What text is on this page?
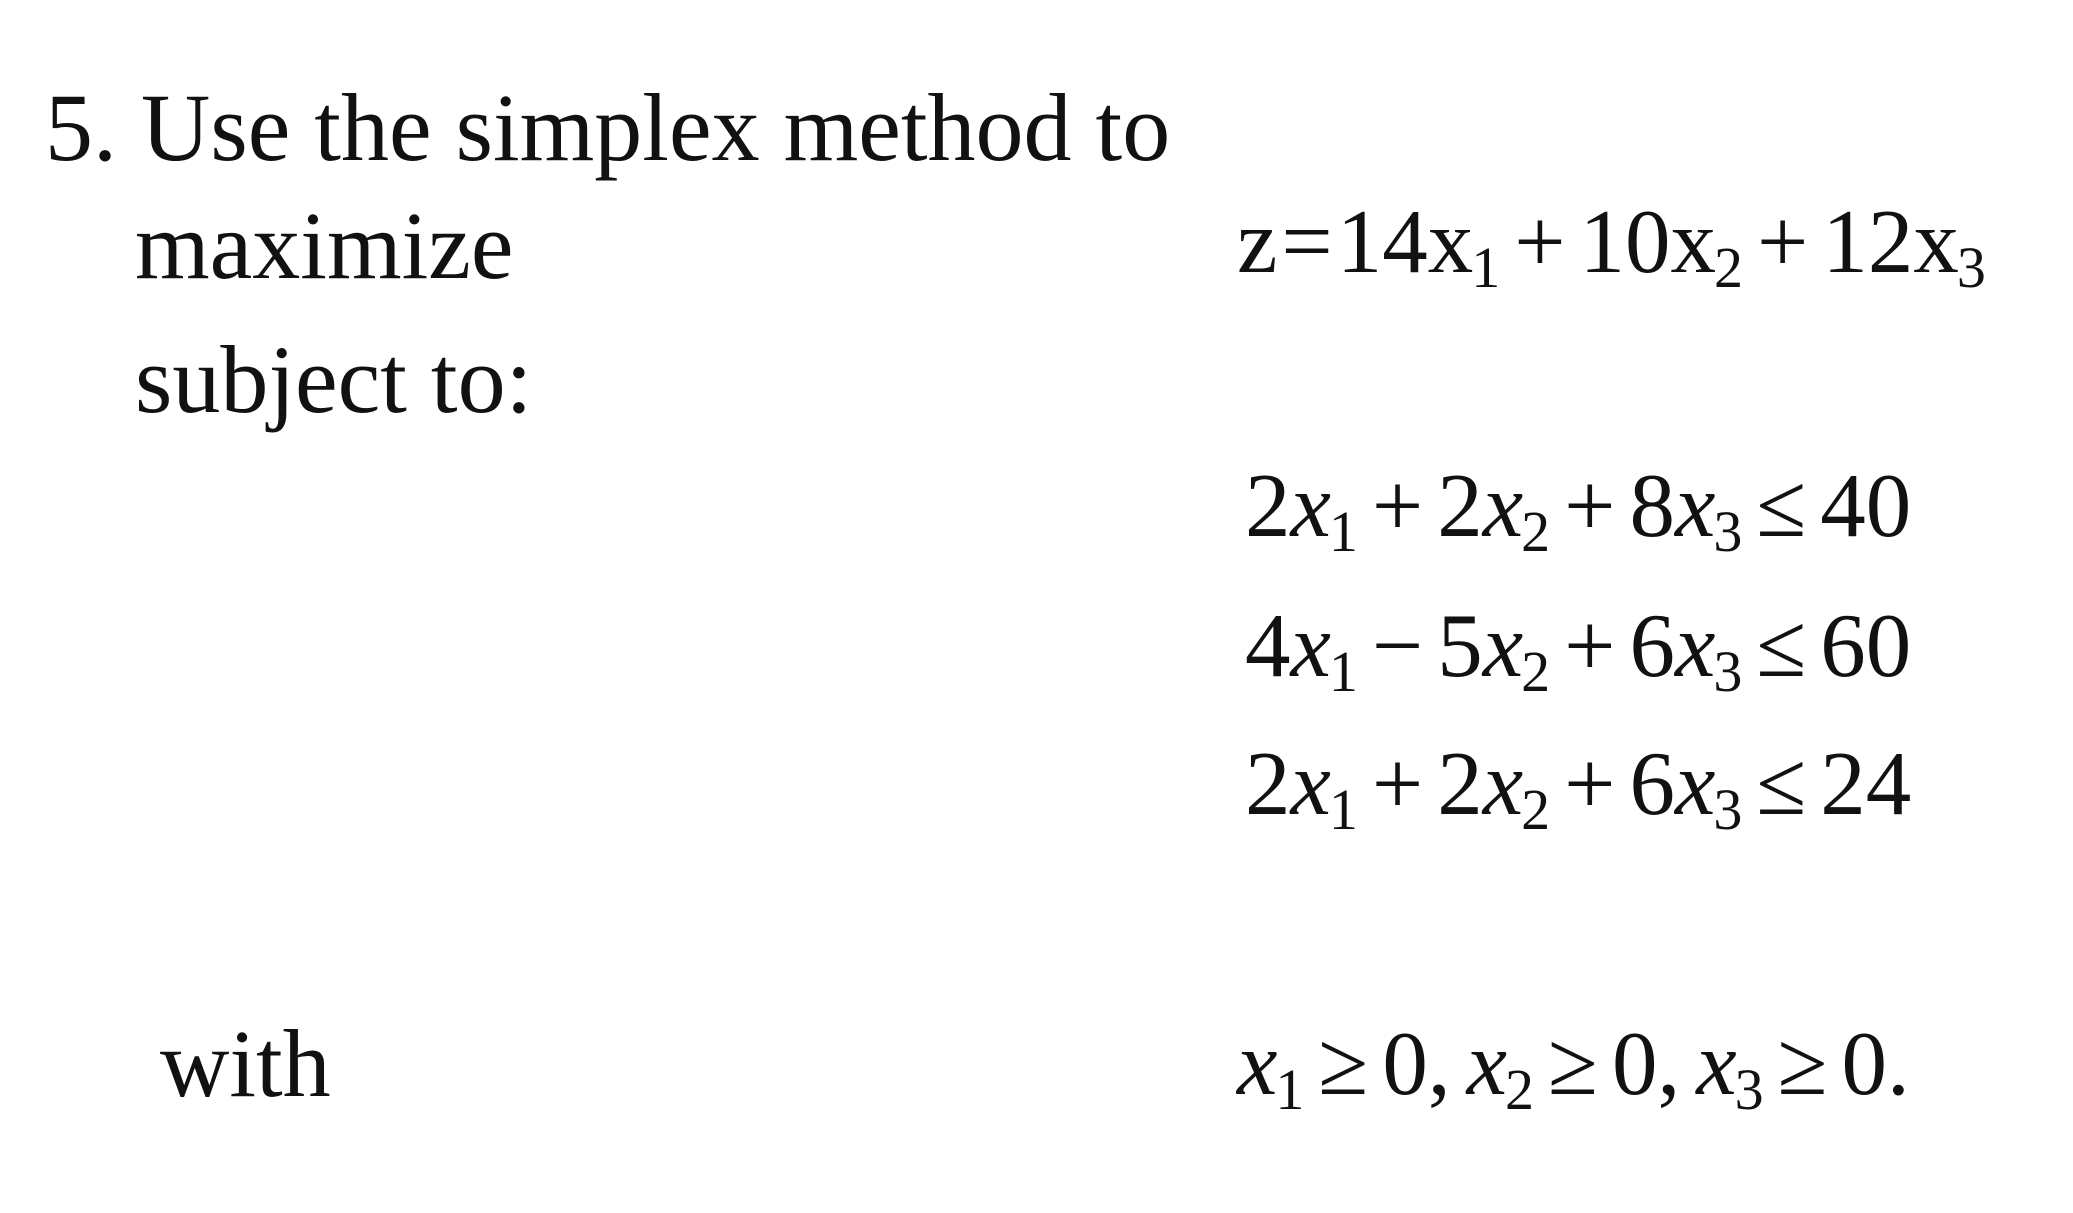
5. Use the simplex method to
maximize	$z=14x_1 + 10x_2 + 12x_3$
subject to:
$2x_1 + 2x_2 + 8x_3 \le 40$
$4x_1 - 5x_2 + 6x_3 \le 60$
$2x_1 + 2x_2 + 6x_3 \le 24$
with	$x_1 \ge 0$, $x_2 \ge 0$, $x_3 \ge 0$.
